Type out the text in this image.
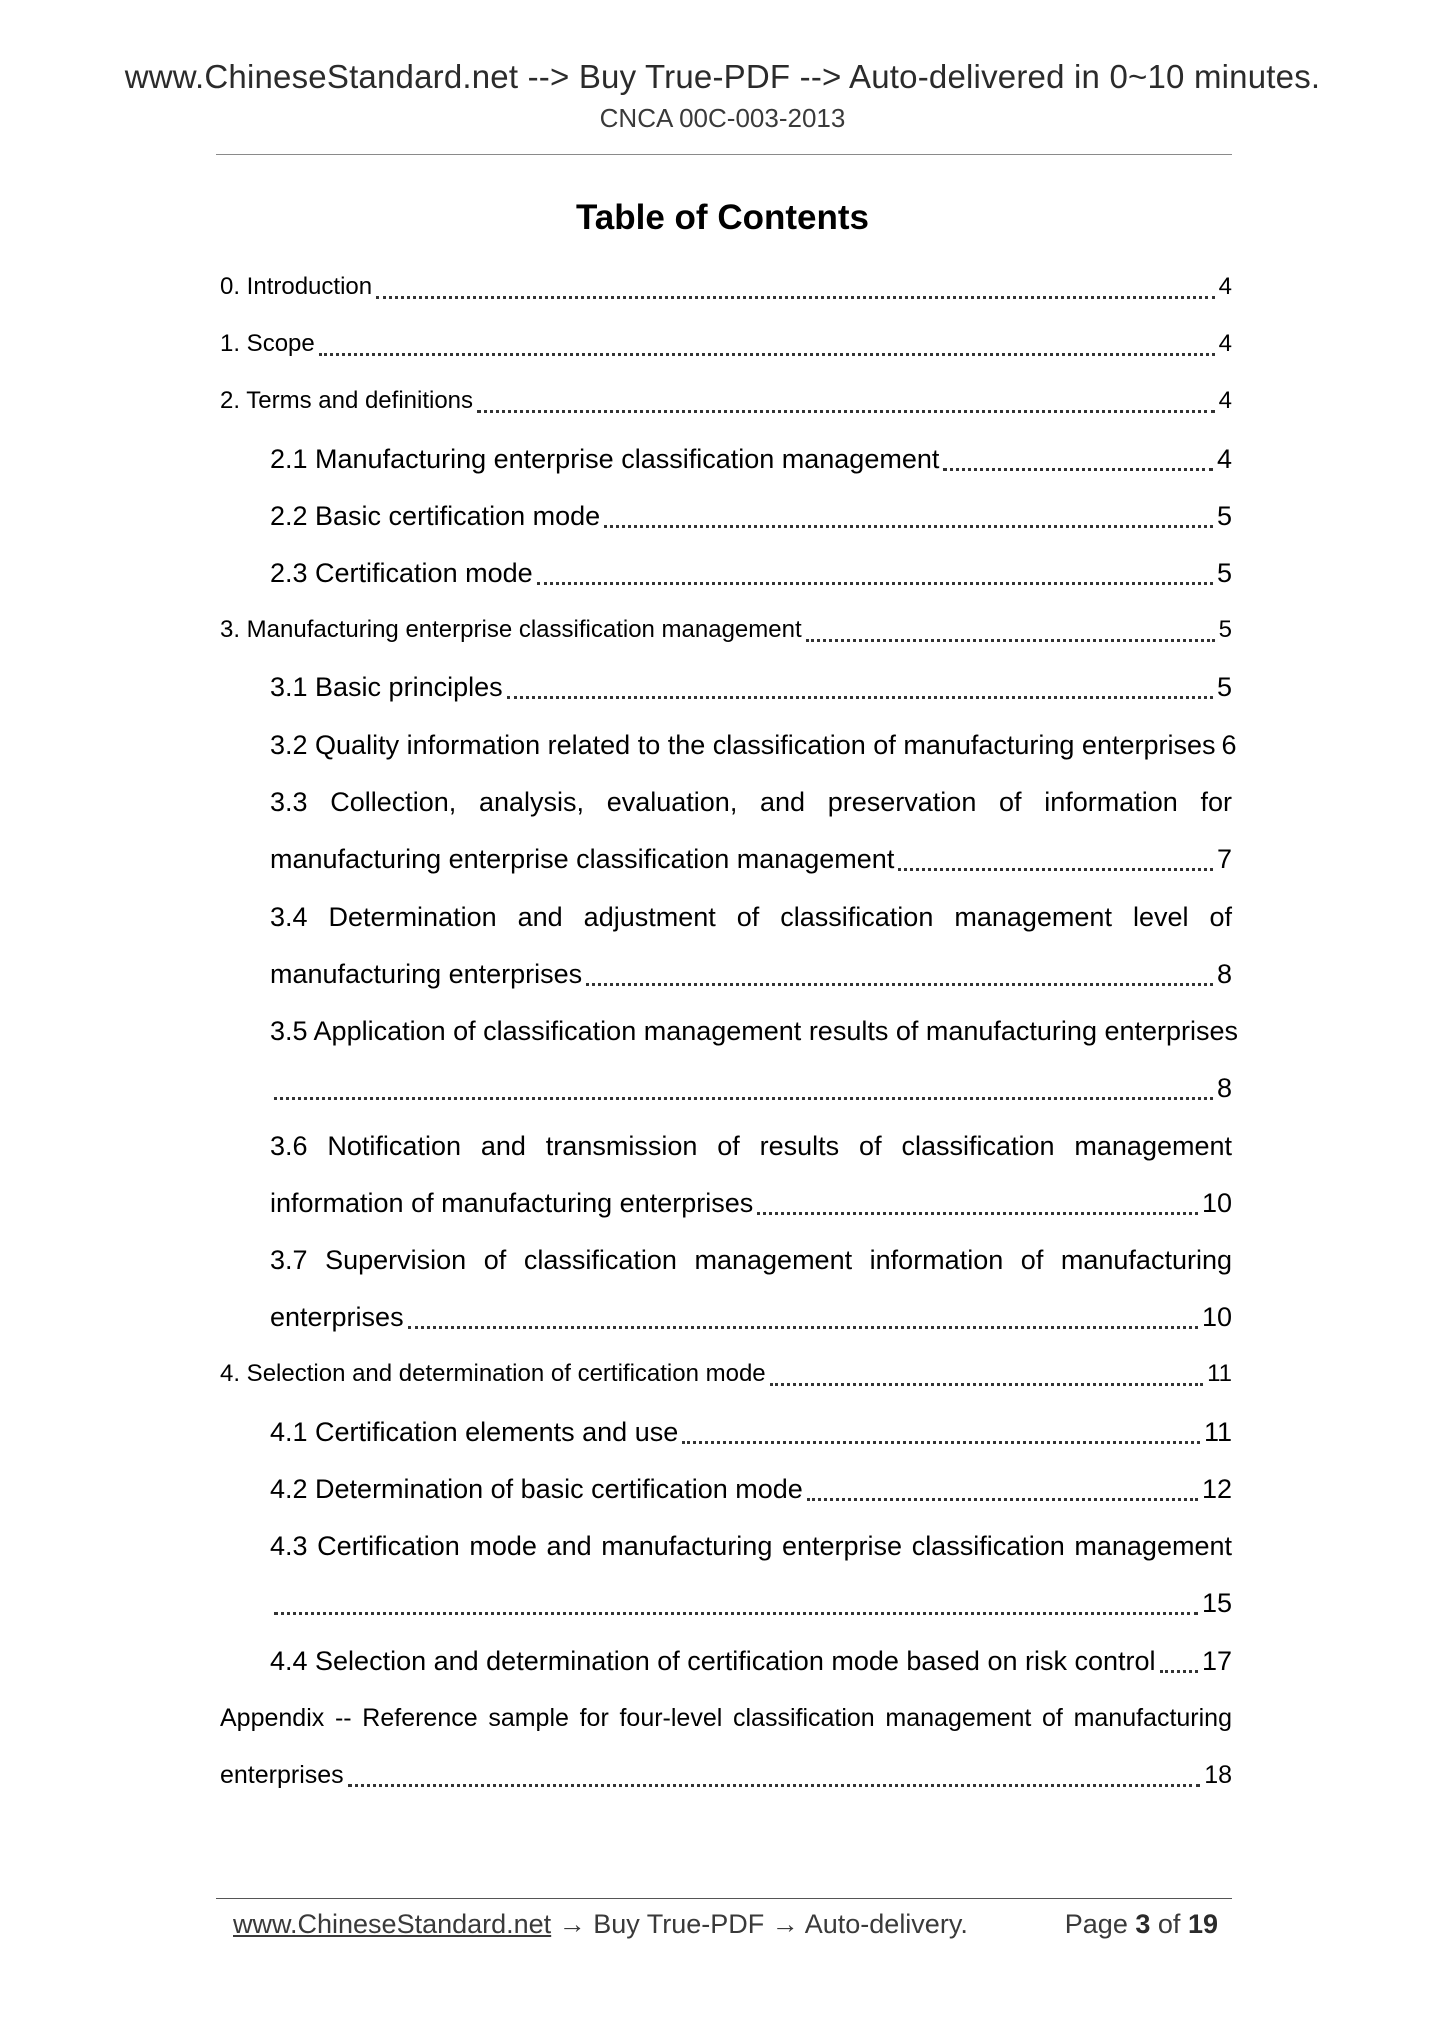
www.ChineseStandard.net --> Buy True-PDF --> Auto-delivered in 0~10 minutes.
CNCA 00C-003-2013
Table of Contents
0. Introduction	4
1. Scope	4
2. Terms and definitions	4
2.1 Manufacturing enterprise classification management	4
2.2 Basic certification mode	5
2.3 Certification mode	5
3. Manufacturing enterprise classification management	5
3.1 Basic principles	5
3.2 Quality information related to the classification of manufacturing enterprises 6
3.3 Collection, analysis, evaluation, and preservation of information for
manufacturing enterprise classification management	7
3.4 Determination and adjustment of classification management level of
manufacturing enterprises	8
3.5 Application of classification management results of manufacturing enterprises
8
3.6 Notification and transmission of results of classification management
information of manufacturing enterprises	10
3.7 Supervision of classification management information of manufacturing
enterprises	10
4. Selection and determination of certification mode	11
4.1 Certification elements and use	11
4.2 Determination of basic certification mode	12
4.3 Certification mode and manufacturing enterprise classification management
15
4.4 Selection and determination of certification mode based on risk control 17
Appendix -- Reference sample for four-level classification management of manufacturing
enterprises	18
www.ChineseStandard.net → Buy True-PDF → Auto-delivery.	Page 3 of 19
